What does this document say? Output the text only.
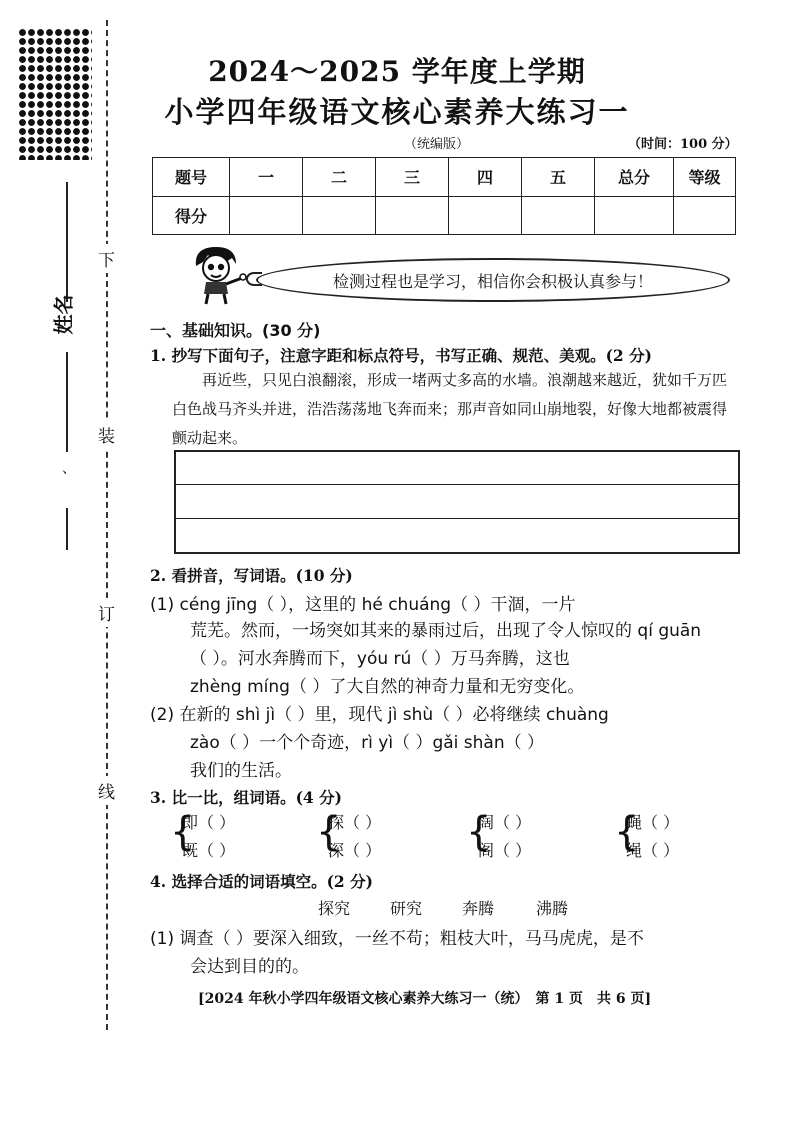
姓名
、
下
装
订
线
2024～2025 学年度上学期
小学四年级语文核心素养大练习一
（统编版）	（时间：100 分）
题号	一	二	三	四	五	总分	等级
得分							
检测过程也是学习，相信你会积极认真参与！
一、基础知识。(30 分)
1. 抄写下面句子，注意字距和标点符号，书写正确、规范、美观。(2 分)
再近些，只见白浪翻滚，形成一堵两丈多高的水墙。浪潮越来越近，犹如千万匹白色战马齐头并进，浩浩荡荡地飞奔而来；那声音如同山崩地裂，好像大地都被震得颤动起来。
2. 看拼音，写词语。(10 分)
(1) céng jīng（ ），这里的 hé chuáng（ ）干涸，一片
荒芜。然而，一场突如其来的暴雨过后，出现了令人惊叹的 qí guān
（ ）。河水奔腾而下，yóu rú（ ）万马奔腾，这也
zhèng míng（ ）了大自然的神奇力量和无穷变化。
(2) 在新的 shì jì（ ）里，现代 jì shù（ ）必将继续 chuàng
zào（ ）一个个奇迹，rì yì（ ）gǎi shàn（ ）
我们的生活。
3. 比一比，组词语。(4 分)
{
即（ ）
既（ ） {
探（ ）
深（ ） {
阔（ ）
阁（ ） {
蝇（ ）
绳（ ）
4. 选择合适的词语填空。(2 分)
探究 研究 奔腾	沸腾
(1) 调查（ ）要深入细致，一丝不苟；粗枝大叶，马马虎虎，是不
会达到目的的。
[2024 年秋小学四年级语文核心素养大练习一（统）　第 1 页　共 6 页]
